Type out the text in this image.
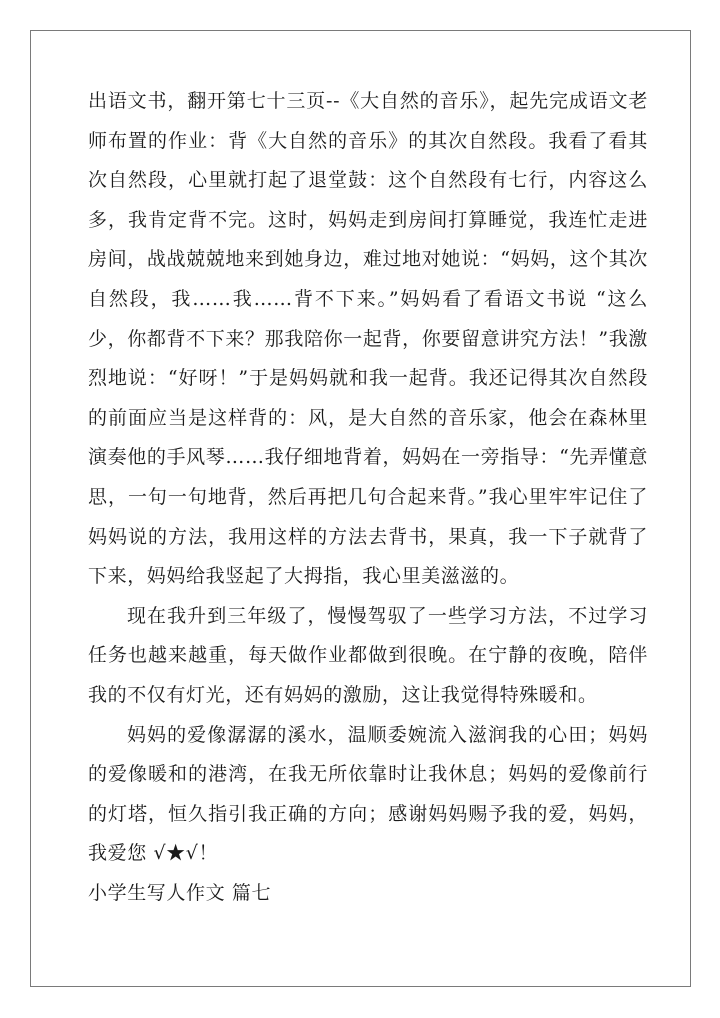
出语文书，翻开第七十三页--《大自然的音乐》，起先完成语文老师布置的作业：背《大自然的音乐》的其次自然段。我看了看其次自然段，心里就打起了退堂鼓：这个自然段有七行，内容这么多，我肯定背不完。这时，妈妈走到房间打算睡觉，我连忙走进房间，战战兢兢地来到她身边，难过地对她说：“妈妈，这个其次自然段，我……我……背不下来。”妈妈看了看语文书说 “这么少，你都背不下来？那我陪你一起背，你要留意讲究方法！”我激烈地说：“好呀！”于是妈妈就和我一起背。我还记得其次自然段的前面应当是这样背的：风，是大自然的音乐家，他会在森林里演奏他的手风琴……我仔细地背着，妈妈在一旁指导：“先弄懂意思，一句一句地背，然后再把几句合起来背。”我心里牢牢记住了妈妈说的方法，我用这样的方法去背书，果真，我一下子就背了下来，妈妈给我竖起了大拇指，我心里美滋滋的。

现在我升到三年级了，慢慢驾驭了一些学习方法，不过学习任务也越来越重，每天做作业都做到很晚。在宁静的夜晚，陪伴我的不仅有灯光，还有妈妈的激励，这让我觉得特殊暖和。

妈妈的爱像潺潺的溪水，温顺委婉流入滋润我的心田；妈妈的爱像暖和的港湾，在我无所依靠时让我休息；妈妈的爱像前行的灯塔，恒久指引我正确的方向；感谢妈妈赐予我的爱，妈妈，我爱您 √★√！

小学生写人作文 篇七
